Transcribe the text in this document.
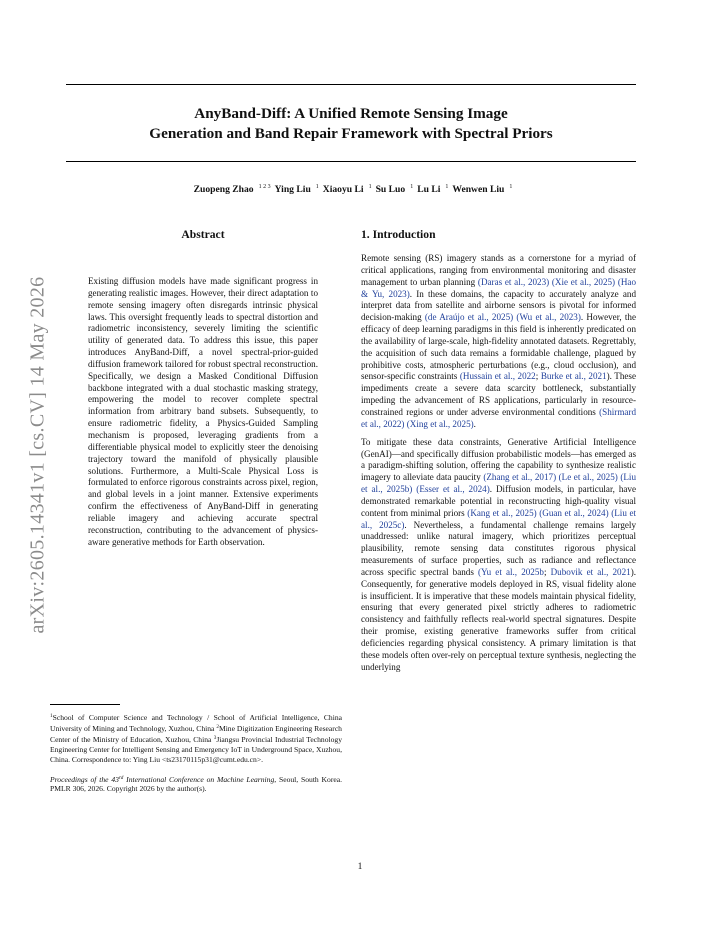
AnyBand-Diff: A Unified Remote Sensing Image
Generation and Band Repair Framework with Spectral Priors
Zuopeng Zhao $^{1 2 3}$ Ying Liu $^1$ Xiaoyu Li $^1$ Su Luo $^1$ Lu Li $^1$ Wenwen Liu $^1$
arXiv:2605.14341v1 [cs.CV] 14 May 2026
Abstract

Existing diffusion models have made significant progress in generating realistic images. However, their direct adaptation to remote sensing imagery often disregards intrinsic physical laws. This oversight frequently leads to spectral distortion and radiometric inconsistency, severely limiting the scientific utility of generated data. To address this issue, this paper introduces AnyBand-Diff, a novel spectral-prior-guided diffusion framework tailored for robust spectral reconstruction. Specifically, we design a Masked Conditional Diffusion backbone integrated with a dual stochastic masking strategy, empowering the model to recover complete spectral information from arbitrary band subsets. Subsequently, to ensure radiometric fidelity, a Physics-Guided Sampling mechanism is proposed, leveraging gradients from a differentiable physical model to explicitly steer the denoising trajectory toward the manifold of physically plausible solutions. Furthermore, a Multi-Scale Physical Loss is formulated to enforce rigorous constraints across pixel, region, and global levels in a joint manner. Extensive experiments confirm the effectiveness of AnyBand-Diff in generating reliable imagery and achieving accurate spectral reconstruction, contributing to the advancement of physics-aware generative methods for Earth observation.

$^1$School of Computer Science and Technology / School of Artificial Intelligence, China University of Mining and Technology, Xuzhou, China $^2$Mine Digitization Engineering Research Center of the Ministry of Education, Xuzhou, China $^3$Jiangsu Provincial Industrial Technology Engineering Center for Intelligent Sensing and Emergency IoT in Underground Space, Xuzhou, China. Correspondence to: Ying Liu <ts23170115p31@cumt.edu.cn>.

Proceedings of the 43rd International Conference on Machine Learning, Seoul, South Korea. PMLR 306, 2026. Copyright 2026 by the author(s).

1. Introduction

Remote sensing (RS) imagery stands as a cornerstone for a myriad of critical applications, ranging from environmental monitoring and disaster management to urban planning (Daras et al., 2023) (Xie et al., 2025) (Hao & Yu, 2023). In these domains, the capacity to accurately analyze and interpret data from satellite and airborne sensors is pivotal for informed decision-making (de Araújo et al., 2025) (Wu et al., 2023). However, the efficacy of deep learning paradigms in this field is inherently predicated on the availability of large-scale, high-fidelity annotated datasets. Regrettably, the acquisition of such data remains a formidable challenge, plagued by prohibitive costs, atmospheric perturbations (e.g., cloud occlusion), and sensor-specific constraints (Hussain et al., 2022; Burke et al., 2021). These impediments create a severe data scarcity bottleneck, substantially impeding the advancement of RS applications, particularly in resource-constrained regions or under adverse environmental conditions (Shirmard et al., 2022) (Xing et al., 2025).

To mitigate these data constraints, Generative Artificial Intelligence (GenAI)—and specifically diffusion probabilistic models—has emerged as a paradigm-shifting solution, offering the capability to synthesize realistic imagery to alleviate data paucity (Zhang et al., 2017) (Le et al., 2025) (Liu et al., 2025b) (Esser et al., 2024). Diffusion models, in particular, have demonstrated remarkable potential in reconstructing high-quality visual content from minimal priors (Kang et al., 2025) (Guan et al., 2024) (Liu et al., 2025c). Nevertheless, a fundamental challenge remains largely unaddressed: unlike natural imagery, which prioritizes perceptual plausibility, remote sensing data constitutes rigorous physical measurements of surface properties, such as radiance and reflectance across specific spectral bands (Yu et al., 2025b; Dubovik et al., 2021). Consequently, for generative models deployed in RS, visual fidelity alone is insufficient. It is imperative that these models maintain physical fidelity, ensuring that every generated pixel strictly adheres to radiometric consistency and faithfully reflects real-world spectral signatures. Despite their promise, existing generative frameworks suffer from critical deficiencies regarding physical consistency. A primary limitation is that these models often over-rely on perceptual texture synthesis, neglecting the underlying

1
